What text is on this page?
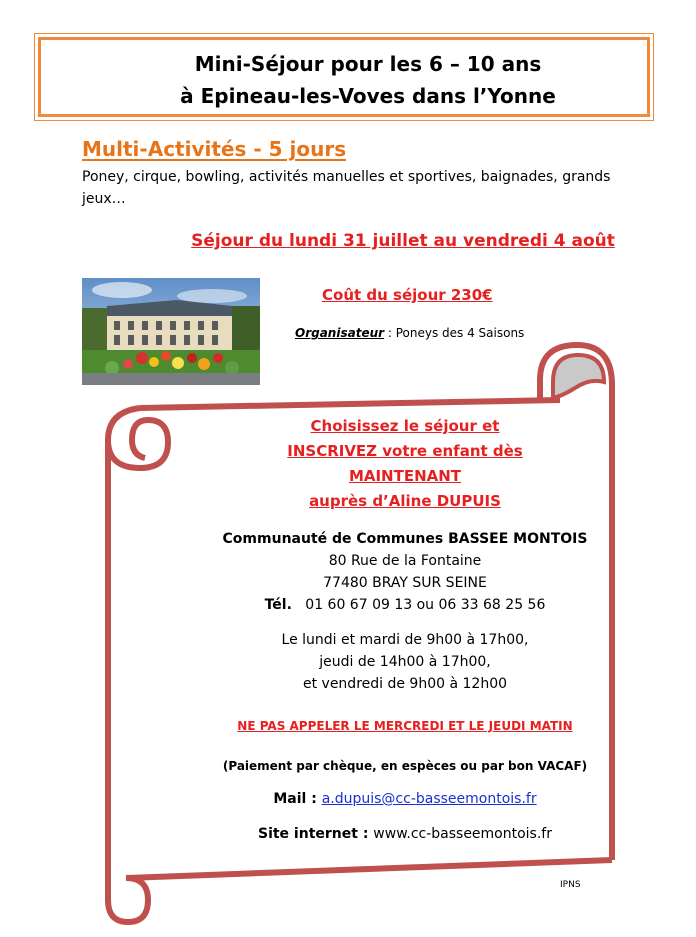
Mini-Séjour pour les 6 – 10 ans
à Epineau-les-Voves dans l’Yonne
Multi-Activités - 5 jours
Poney, cirque, bowling, activités manuelles et sportives, baignades, grands jeux…
Séjour du lundi 31 juillet au vendredi 4 août
Coût du séjour 230€
Organisateur : Poneys des 4 Saisons
Choisissez le séjour et
INSCRIVEZ votre enfant dès
MAINTENANT
auprès d’Aline DUPUIS
Communauté de Communes BASSEE MONTOIS
80 Rue de la Fontaine
77480 BRAY SUR SEINE
Tél. 01 60 67 09 13 ou 06 33 68 25 56
Le lundi et mardi de 9h00 à 17h00,
jeudi de 14h00 à 17h00,
et vendredi de 9h00 à 12h00
NE PAS APPELER LE MERCREDI ET LE JEUDI MATIN
(Paiement par chèque, en espèces ou par bon VACAF)
Mail : a.dupuis@cc-basseemontois.fr
Site internet : www.cc-basseemontois.fr
IPNS
